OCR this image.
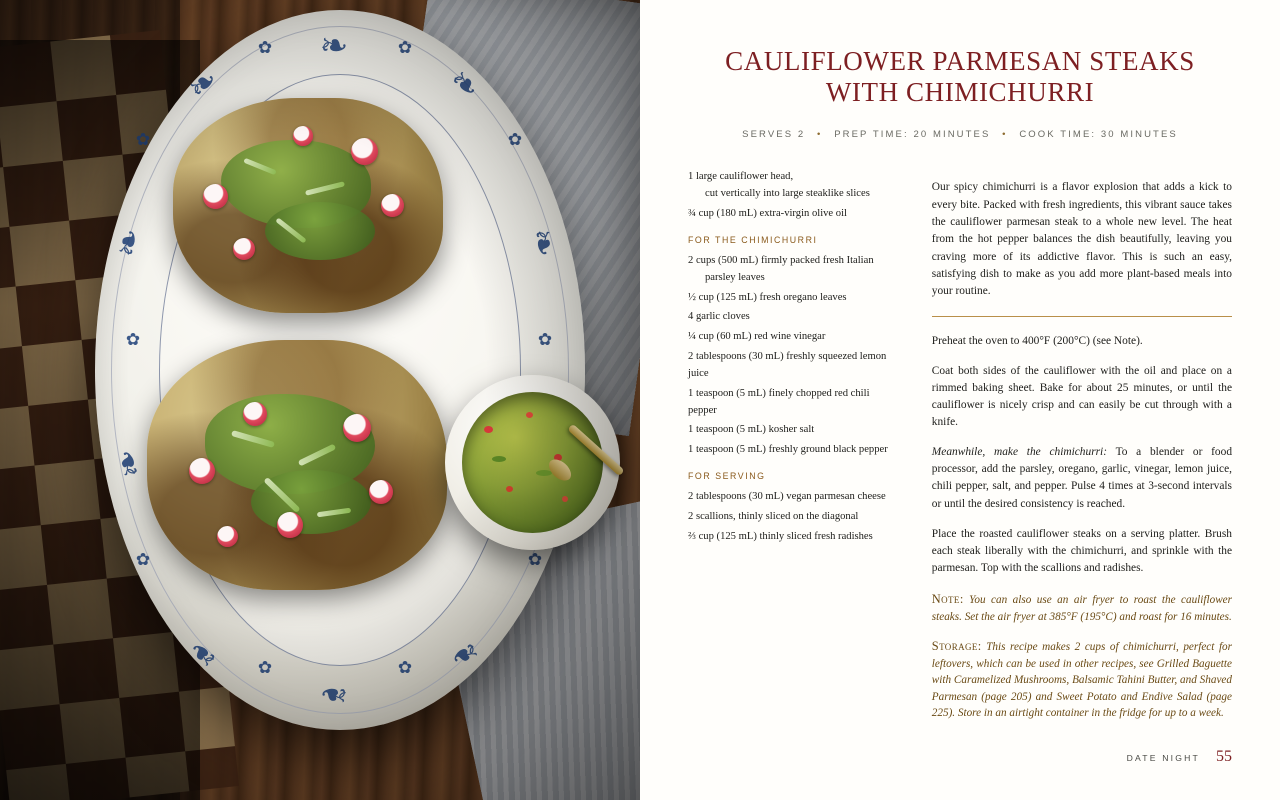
❧
❧
❧
❧
❧
❧
❧
❧
❧
❧
✿
✿
✿
✿
✿
✿
✿
✿
✿
✿
CAULIFLOWER PARMESAN STEAKS
WITH CHIMICHURRI
SERVES 2 • PREP TIME: 20 MINUTES • COOK TIME: 30 MINUTES
1 large cauliflower head,
cut vertically into large steaklike slices
¾ cup (180 mL) extra-virgin olive oil
FOR THE CHIMICHURRI
2 cups (500 mL) firmly packed fresh Italian
parsley leaves
½ cup (125 mL) fresh oregano leaves
4 garlic cloves
¼ cup (60 mL) red wine vinegar
2 tablespoons (30 mL) freshly squeezed lemon juice
1 teaspoon (5 mL) finely chopped red chili pepper
1 teaspoon (5 mL) kosher salt
1 teaspoon (5 mL) freshly ground black pepper
FOR SERVING
2 tablespoons (30 mL) vegan parmesan cheese
2 scallions, thinly sliced on the diagonal
⅔ cup (125 mL) thinly sliced fresh radishes

Our spicy chimichurri is a flavor explosion that adds a kick to every bite. Packed with fresh ingredients, this vibrant sauce takes the cauliflower parmesan steak to a whole new level. The heat from the hot pepper balances the dish beautifully, leaving you craving more of its addictive flavor. This is such an easy, satisfying dish to make as you add more plant-based meals into your routine.

Preheat the oven to 400°F (200°C) (see Note).

Coat both sides of the cauliflower with the oil and place on a rimmed baking sheet. Bake for about 25 minutes, or until the cauliflower is nicely crisp and can easily be cut through with a knife.

Meanwhile, make the chimichurri: To a blender or food processor, add the parsley, oregano, garlic, vinegar, lemon juice, chili pepper, salt, and pepper. Pulse 4 times at 3-second intervals or until the desired consistency is reached.

Place the roasted cauliflower steaks on a serving platter. Brush each steak liberally with the chimichurri, and sprinkle with the parmesan. Top with the scallions and radishes.

Note: You can also use an air fryer to roast the cauliflower steaks. Set the air fryer at 385°F (195°C) and roast for 16 minutes.

Storage: This recipe makes 2 cups of chimichurri, perfect for leftovers, which can be used in other recipes, see Grilled Baguette with Caramelized Mushrooms, Balsamic Tahini Butter, and Shaved Parmesan (page 205) and Sweet Potato and Endive Salad (page 225). Store in an airtight container in the fridge for up to a week.

DATE NIGHT 55
